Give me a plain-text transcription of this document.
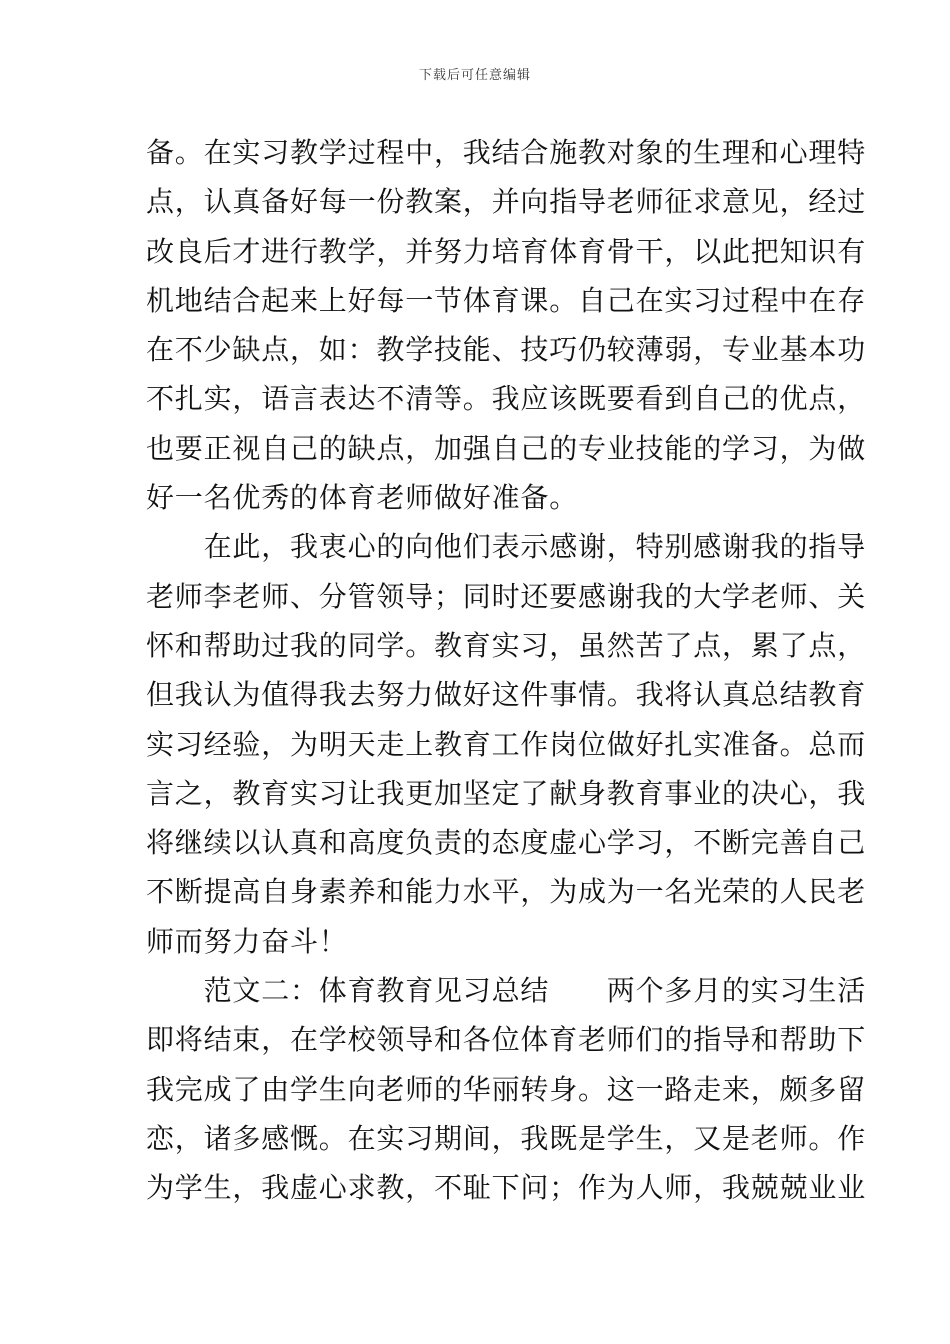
下载后可任意编辑
备。在实习教学过程中，我结合施教对象的生理和心理特
点，认真备好每一份教案，并向指导老师征求意见，经过
改良后才进行教学，并努力培育体育骨干，以此把知识有
机地结合起来上好每一节体育课。自己在实习过程中在存
在不少缺点，如：教学技能、技巧仍较薄弱，专业基本功
不扎实，语言表达不清等。我应该既要看到自己的优点，
也要正视自己的缺点，加强自己的专业技能的学习，为做
好一名优秀的体育老师做好准备。
　　在此，我衷心的向他们表示感谢，特别感谢我的指导
老师李老师、分管领导；同时还要感谢我的大学老师、关
怀和帮助过我的同学。教育实习，虽然苦了点，累了点，
但我认为值得我去努力做好这件事情。我将认真总结教育
实习经验，为明天走上教育工作岗位做好扎实准备。总而
言之，教育实习让我更加坚定了献身教育事业的决心，我
将继续以认真和高度负责的态度虚心学习，不断完善自己
不断提高自身素养和能力水平，为成为一名光荣的人民老
师而努力奋斗！
　　范文二：体育教育见习总结　　两个多月的实习生活
即将结束，在学校领导和各位体育老师们的指导和帮助下
我完成了由学生向老师的华丽转身。这一路走来，颇多留
恋，诸多感慨。在实习期间，我既是学生，又是老师。作
为学生，我虚心求教，不耻下问；作为人师，我兢兢业业
